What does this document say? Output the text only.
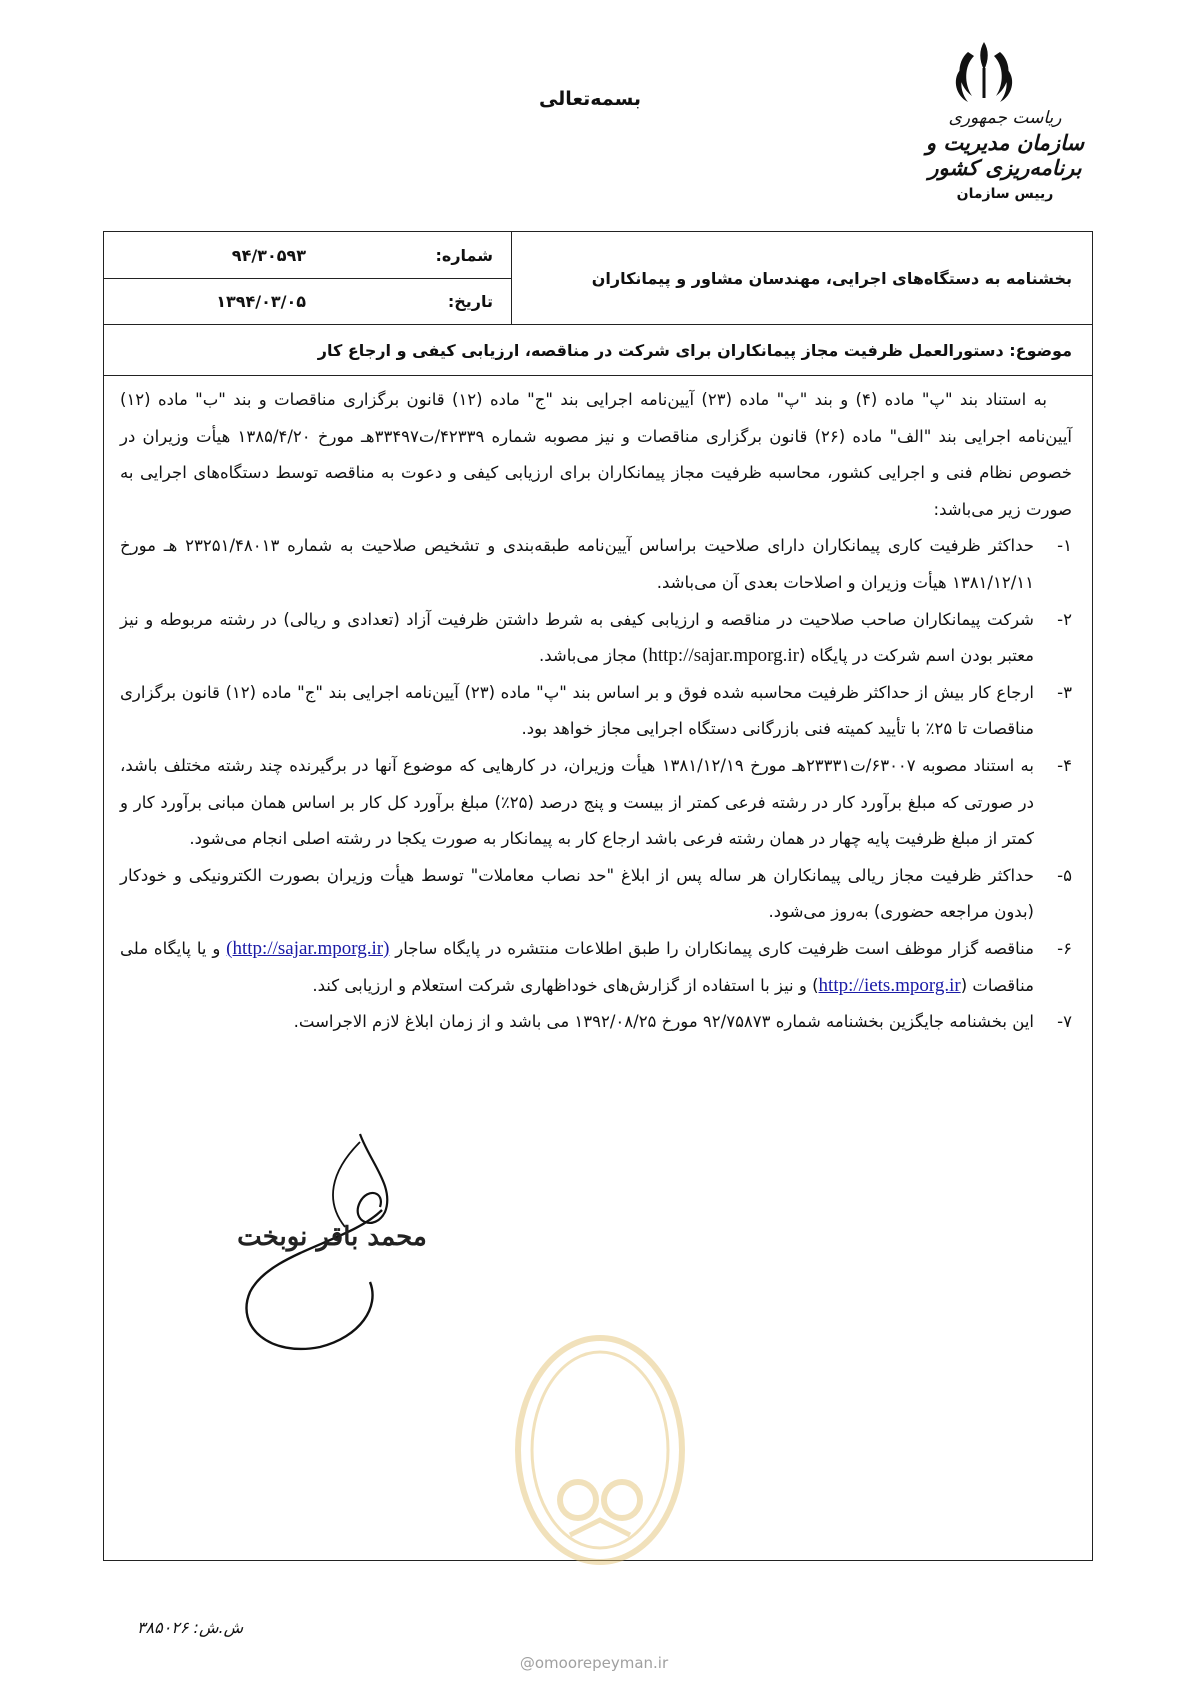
بسمه‌تعالی
ریاست جمهوری
سازمان مدیریت و برنامه‌ریزی کشور
رییس سازمان
بخشنامه به دستگاه‌های اجرایی، مهندسان مشاور و پیمانکاران
شماره:
۹۴/۳۰۵۹۳
تاریخ:
۱۳۹۴/۰۳/۰۵
موضوع: دستورالعمل ظرفیت مجاز پیمانکاران برای شرکت در مناقصه، ارزیابی کیفی و ارجاع کار

به استناد بند "پ" ماده (۴) و بند "پ" ماده (۲۳) آیین‌نامه اجرایی بند "ج" ماده (۱۲) قانون برگزاری مناقصات و بند "ب" ماده (۱۲) آیین‌نامه اجرایی بند "الف" ماده (۲۶) قانون برگزاری مناقصات و نیز مصوبه شماره ۴۲۳۳۹/ت۳۳۴۹۷هـ مورخ ۱۳۸۵/۴/۲۰ هیأت وزیران در خصوص نظام فنی و اجرایی کشور، محاسبه ظرفیت مجاز پیمانکاران برای ارزیابی کیفی و دعوت به مناقصه توسط دستگاه‌های اجرایی به صورت زیر می‌باشد:

۱-
حداکثر ظرفیت کاری پیمانکاران دارای صلاحیت براساس آیین‌نامه طبقه‌بندی و تشخیص صلاحیت به شماره ۲۳۲۵۱/۴۸۰۱۳ هـ مورخ ۱۳۸۱/۱۲/۱۱ هیأت وزیران و اصلاحات بعدی آن می‌باشد.

۲-
شرکت پیمانکاران صاحب صلاحیت در مناقصه و ارزیابی کیفی به شرط داشتن ظرفیت آزاد (تعدادی و ریالی) در رشته مربوطه و نیز معتبر بودن اسم شرکت در پایگاه (http://sajar.mporg.ir) مجاز می‌باشد.

۳-
ارجاع کار بیش از حداکثر ظرفیت محاسبه شده فوق و بر اساس بند "پ" ماده (۲۳) آیین‌نامه اجرایی بند "ج" ماده (۱۲) قانون برگزاری مناقصات تا ۲۵٪ با تأیید کمیته فنی بازرگانی دستگاه اجرایی مجاز خواهد بود.

۴-
به استناد مصوبه ۶۳۰۰۷/ت۲۳۳۳۱هـ مورخ ۱۳۸۱/۱۲/۱۹ هیأت وزیران، در کارهایی که موضوع آنها در برگیرنده چند رشته مختلف باشد، در صورتی که مبلغ برآورد کار در رشته فرعی کمتر از بیست و پنج درصد (۲۵٪) مبلغ برآورد کل کار بر اساس همان مبانی برآورد کار و کمتر از مبلغ ظرفیت پایه چهار در همان رشته فرعی باشد ارجاع کار به پیمانکار به صورت یکجا در رشته اصلی انجام می‌شود.

۵-
حداکثر ظرفیت مجاز ریالی پیمانکاران هر ساله پس از ابلاغ "حد نصاب معاملات" توسط هیأت وزیران بصورت الکترونیکی و خودکار (بدون مراجعه حضوری) به‌روز می‌شود.

۶-
مناقصه گزار موظف است ظرفیت کاری پیمانکاران را طبق اطلاعات منتشره در پایگاه ساجار (http://sajar.mporg.ir) و یا پایگاه ملی مناقصات (http://iets.mporg.ir) و نیز با استفاده از گزارش‌های خوداظهاری شرکت استعلام و ارزیابی کند.

۷-
این بخشنامه جایگزین بخشنامه شماره ۹۲/۷۵۸۷۳ مورخ ۱۳۹۲/۰۸/۲۵ می باشد و از زمان ابلاغ لازم الاجراست.

محمد باقر نوبخت
ش.ش: ۳۸۵۰۲۶
@omoorepeyman.ir
